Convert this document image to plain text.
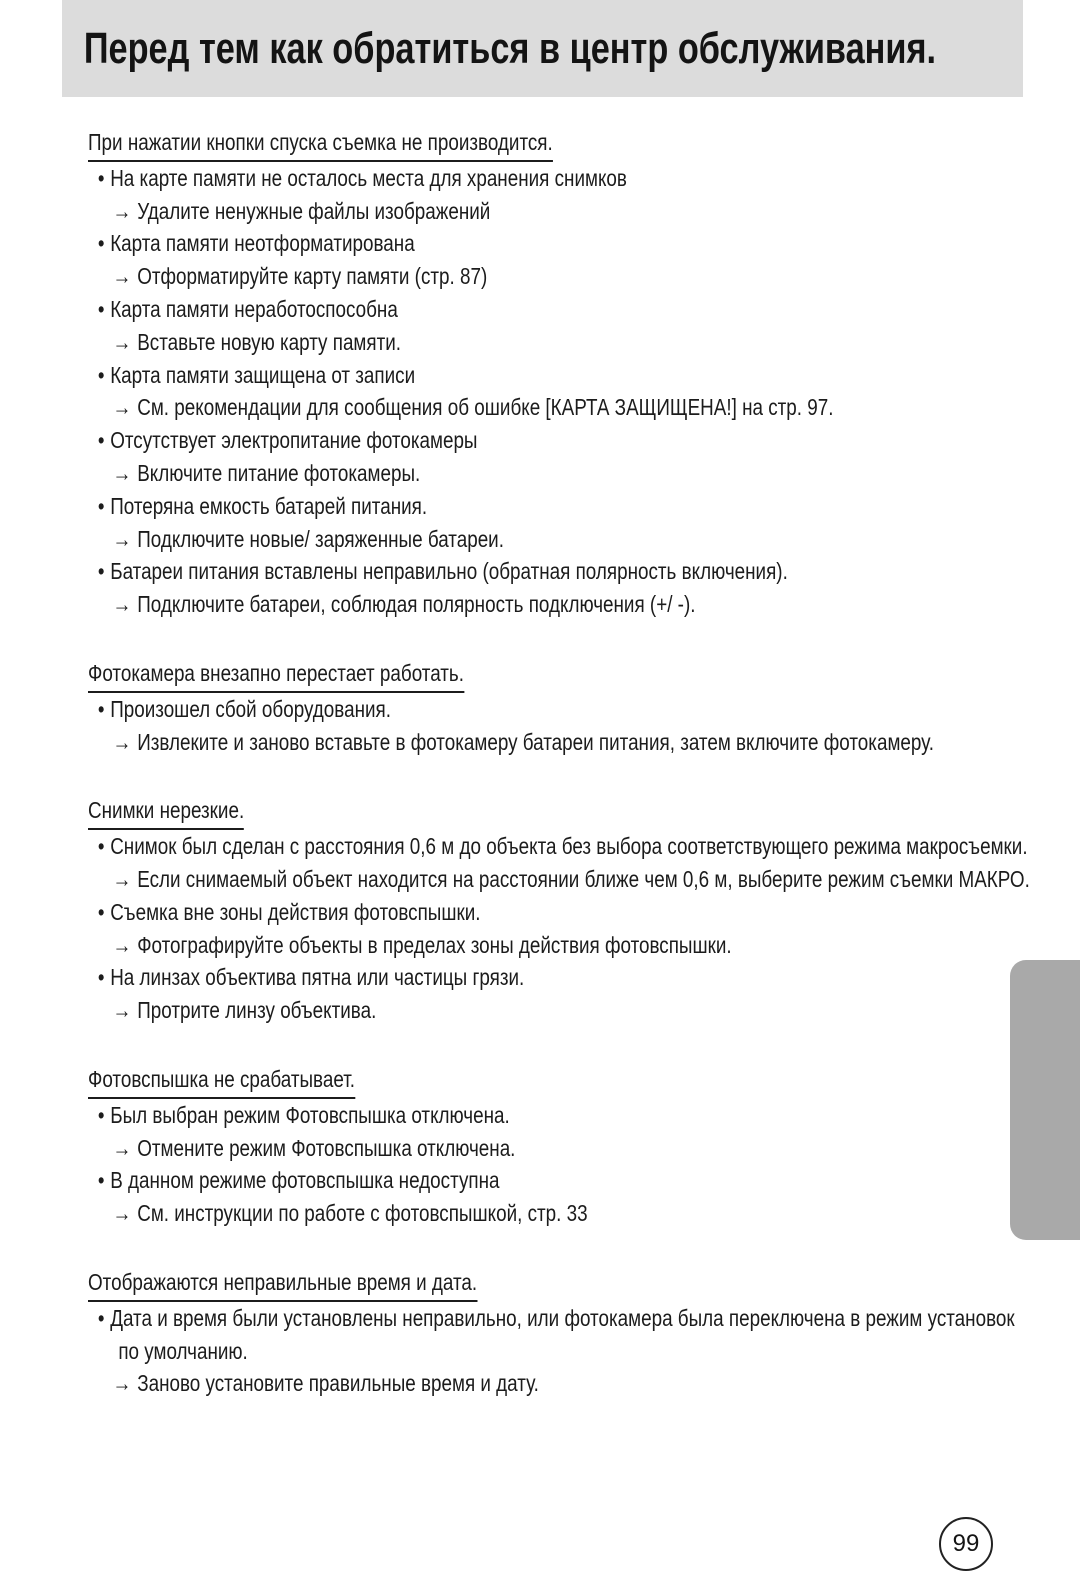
Перед тем как обратиться в центр обслуживания.
При нажатии кнопки спуска съемка не производится.
• На карте памяти не осталось места для хранения снимков
→ Удалите ненужные файлы изображений
• Карта памяти неотформатирована
→ Отформатируйте карту памяти (стр. 87)
• Карта памяти неработоспособна
→ Вставьте новую карту памяти.
• Карта памяти защищена от записи
→ См. рекомендации для сообщения об ошибке [КАРТА ЗАЩИЩЕНА!] на стр. 97.
• Отсутствует электропитание фотокамеры
→ Включите питание фотокамеры.
• Потеряна емкость батарей питания.
→ Подключите новые/ заряженные батареи.
• Батареи питания вставлены неправильно (обратная полярность включения).
→ Подключите батареи, соблюдая полярность подключения (+/ -).
Фотокамера внезапно перестает работать.
• Произошел сбой оборудования.
→ Извлеките и заново вставьте в фотокамеру батареи питания, затем включите фотокамеру.
Снимки нерезкие.
• Снимок был сделан с расстояния 0,6 м до объекта без выбора соответствующего режима макросъемки.
→ Если снимаемый объект находится на расстоянии ближе чем 0,6 м, выберите режим съемки МАКРО.
• Съемка вне зоны действия фотовспышки.
→ Фотографируйте объекты в пределах зоны действия фотовспышки.
• На линзах объектива пятна или частицы грязи.
→ Протрите линзу объектива.
Фотовспышка не срабатывает.
• Был выбран режим Фотовспышка отключена.
→ Отмените режим Фотовспышка отключена.
• В данном режиме фотовспышка недоступна
→ См. инструкции по работе с фотовспышкой, стр. 33
Отображаются неправильные время и дата.
• Дата и время были установлены неправильно, или фотокамера была переключена в режим установок
по умолчанию.
→ Заново установите правильные время и дату.
99
